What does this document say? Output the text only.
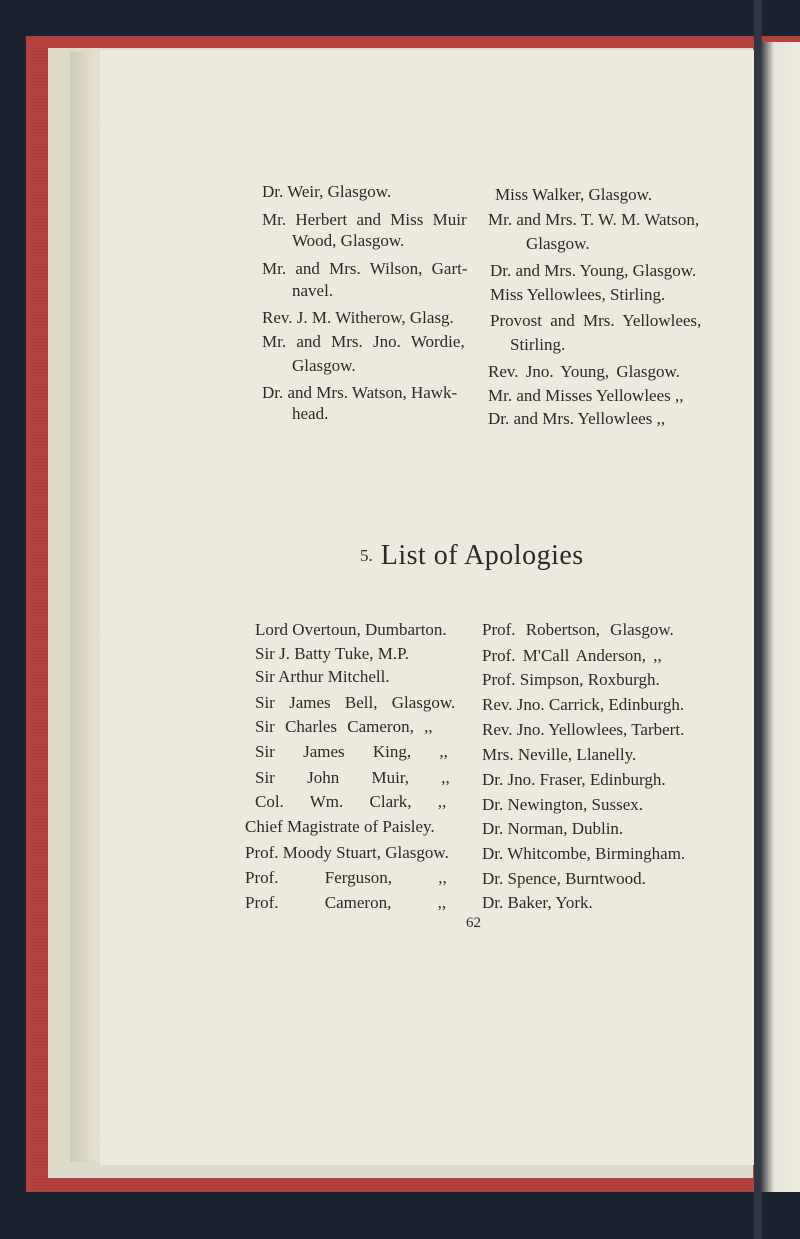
Dr. Weir, Glasgow.
Mr. Herbert and Miss Muir
Wood, Glasgow.
Mr. and Mrs. Wilson, Gart-
navel.
Rev. J. M. Witherow, Glasg.
Mr. and Mrs. Jno. Wordie,
Glasgow.
Dr. and Mrs. Watson, Hawk-
head.
Miss Walker, Glasgow.
Mr. and Mrs. T. W. M. Watson,
Glasgow.
Dr. and Mrs. Young, Glasgow.
Miss Yellowlees, Stirling.
Provost and Mrs. Yellowlees,
Stirling.
Rev. Jno. Young, Glasgow.
Mr. and Misses Yellowlees ,,
Dr. and Mrs. Yellowlees ,,
5. List of Apologies
Lord Overtoun, Dumbarton.
Sir J. Batty Tuke, M.P.
Sir Arthur Mitchell.
Sir James Bell, Glasgow.
Sir Charles Cameron, ,,
Sir James King, ,,
Sir John Muir, ,,
Col. Wm. Clark, ,,
Chief Magistrate of Paisley.
Prof. Moody Stuart, Glasgow.
Prof. Ferguson, ,,
Prof. Cameron, ,,
Prof. Robertson, Glasgow.
Prof. M'Call Anderson, ,,
Prof. Simpson, Roxburgh.
Rev. Jno. Carrick, Edinburgh.
Rev. Jno. Yellowlees, Tarbert.
Mrs. Neville, Llanelly.
Dr. Jno. Fraser, Edinburgh.
Dr. Newington, Sussex.
Dr. Norman, Dublin.
Dr. Whitcombe, Birmingham.
Dr. Spence, Burntwood.
Dr. Baker, York.
62
